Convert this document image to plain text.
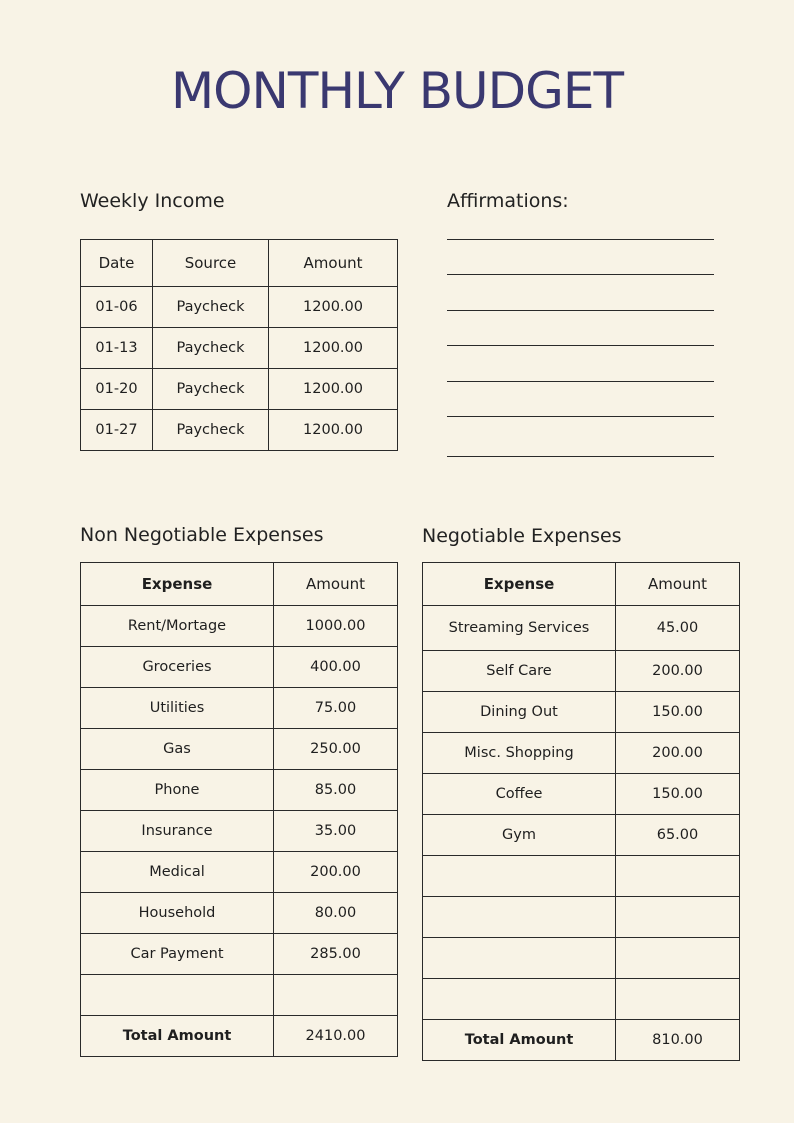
MONTHLY BUDGET
Weekly Income
Date	Source	Amount
01-06	Paycheck	1200.00
01-13	Paycheck	1200.00
01-20	Paycheck	1200.00
01-27	Paycheck	1200.00
Affirmations:
Non Negotiable Expenses
Expense	Amount
Rent/Mortage	1000.00
Groceries	400.00
Utilities	75.00
Gas	250.00
Phone	85.00
Insurance	35.00
Medical	200.00
Household	80.00
Car Payment	285.00

Total Amount	2410.00
Negotiable Expenses
Expense	Amount
Streaming Services	45.00
Self Care	200.00
Dining Out	150.00
Misc. Shopping	200.00
Coffee	150.00
Gym	65.00

Total Amount	810.00
